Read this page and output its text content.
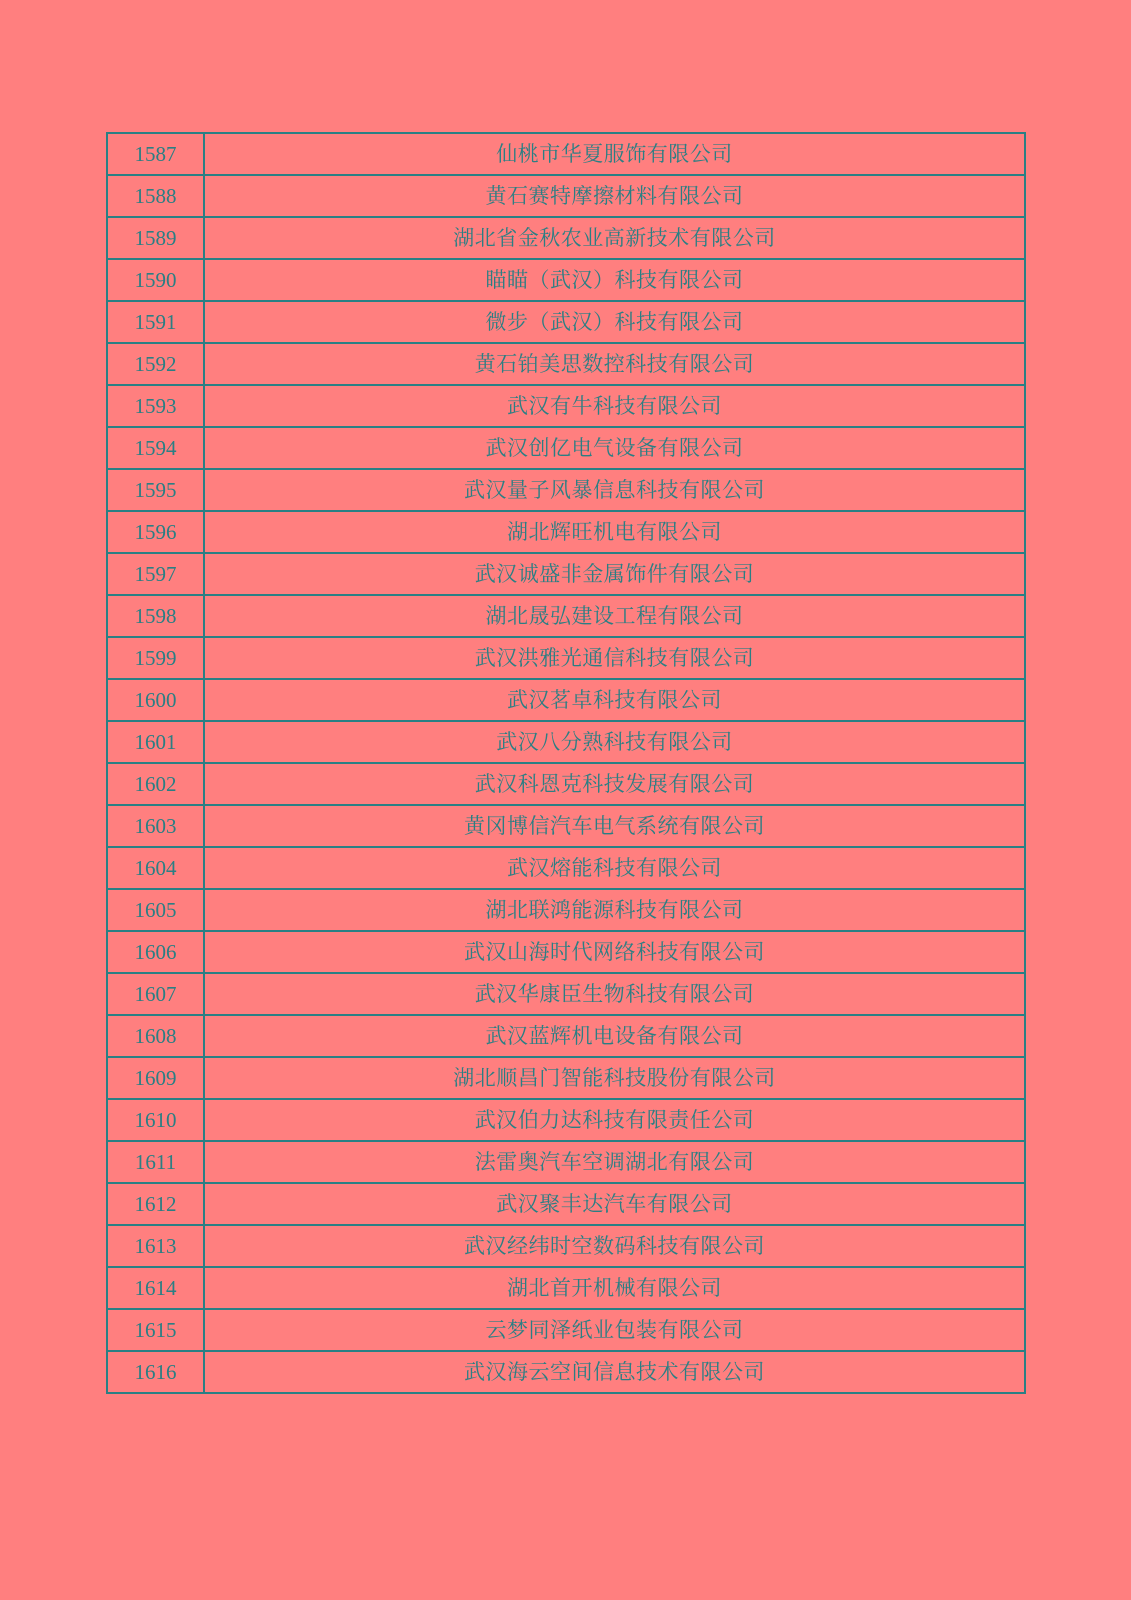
1587	仙桃市华夏服饰有限公司
1588	黄石赛特摩擦材料有限公司
1589	湖北省金秋农业高新技术有限公司
1590	瞄瞄（武汉）科技有限公司
1591	微步（武汉）科技有限公司
1592	黄石铂美思数控科技有限公司
1593	武汉有牛科技有限公司
1594	武汉创亿电气设备有限公司
1595	武汉量子风暴信息科技有限公司
1596	湖北辉旺机电有限公司
1597	武汉诚盛非金属饰件有限公司
1598	湖北晟弘建设工程有限公司
1599	武汉洪雅光通信科技有限公司
1600	武汉茗卓科技有限公司
1601	武汉八分熟科技有限公司
1602	武汉科恩克科技发展有限公司
1603	黄冈博信汽车电气系统有限公司
1604	武汉熔能科技有限公司
1605	湖北联鸿能源科技有限公司
1606	武汉山海时代网络科技有限公司
1607	武汉华康臣生物科技有限公司
1608	武汉蓝辉机电设备有限公司
1609	湖北顺昌门智能科技股份有限公司
1610	武汉伯力达科技有限责任公司
1611	法雷奥汽车空调湖北有限公司
1612	武汉聚丰达汽车有限公司
1613	武汉经纬时空数码科技有限公司
1614	湖北首开机械有限公司
1615	云梦同泽纸业包装有限公司
1616	武汉海云空间信息技术有限公司
